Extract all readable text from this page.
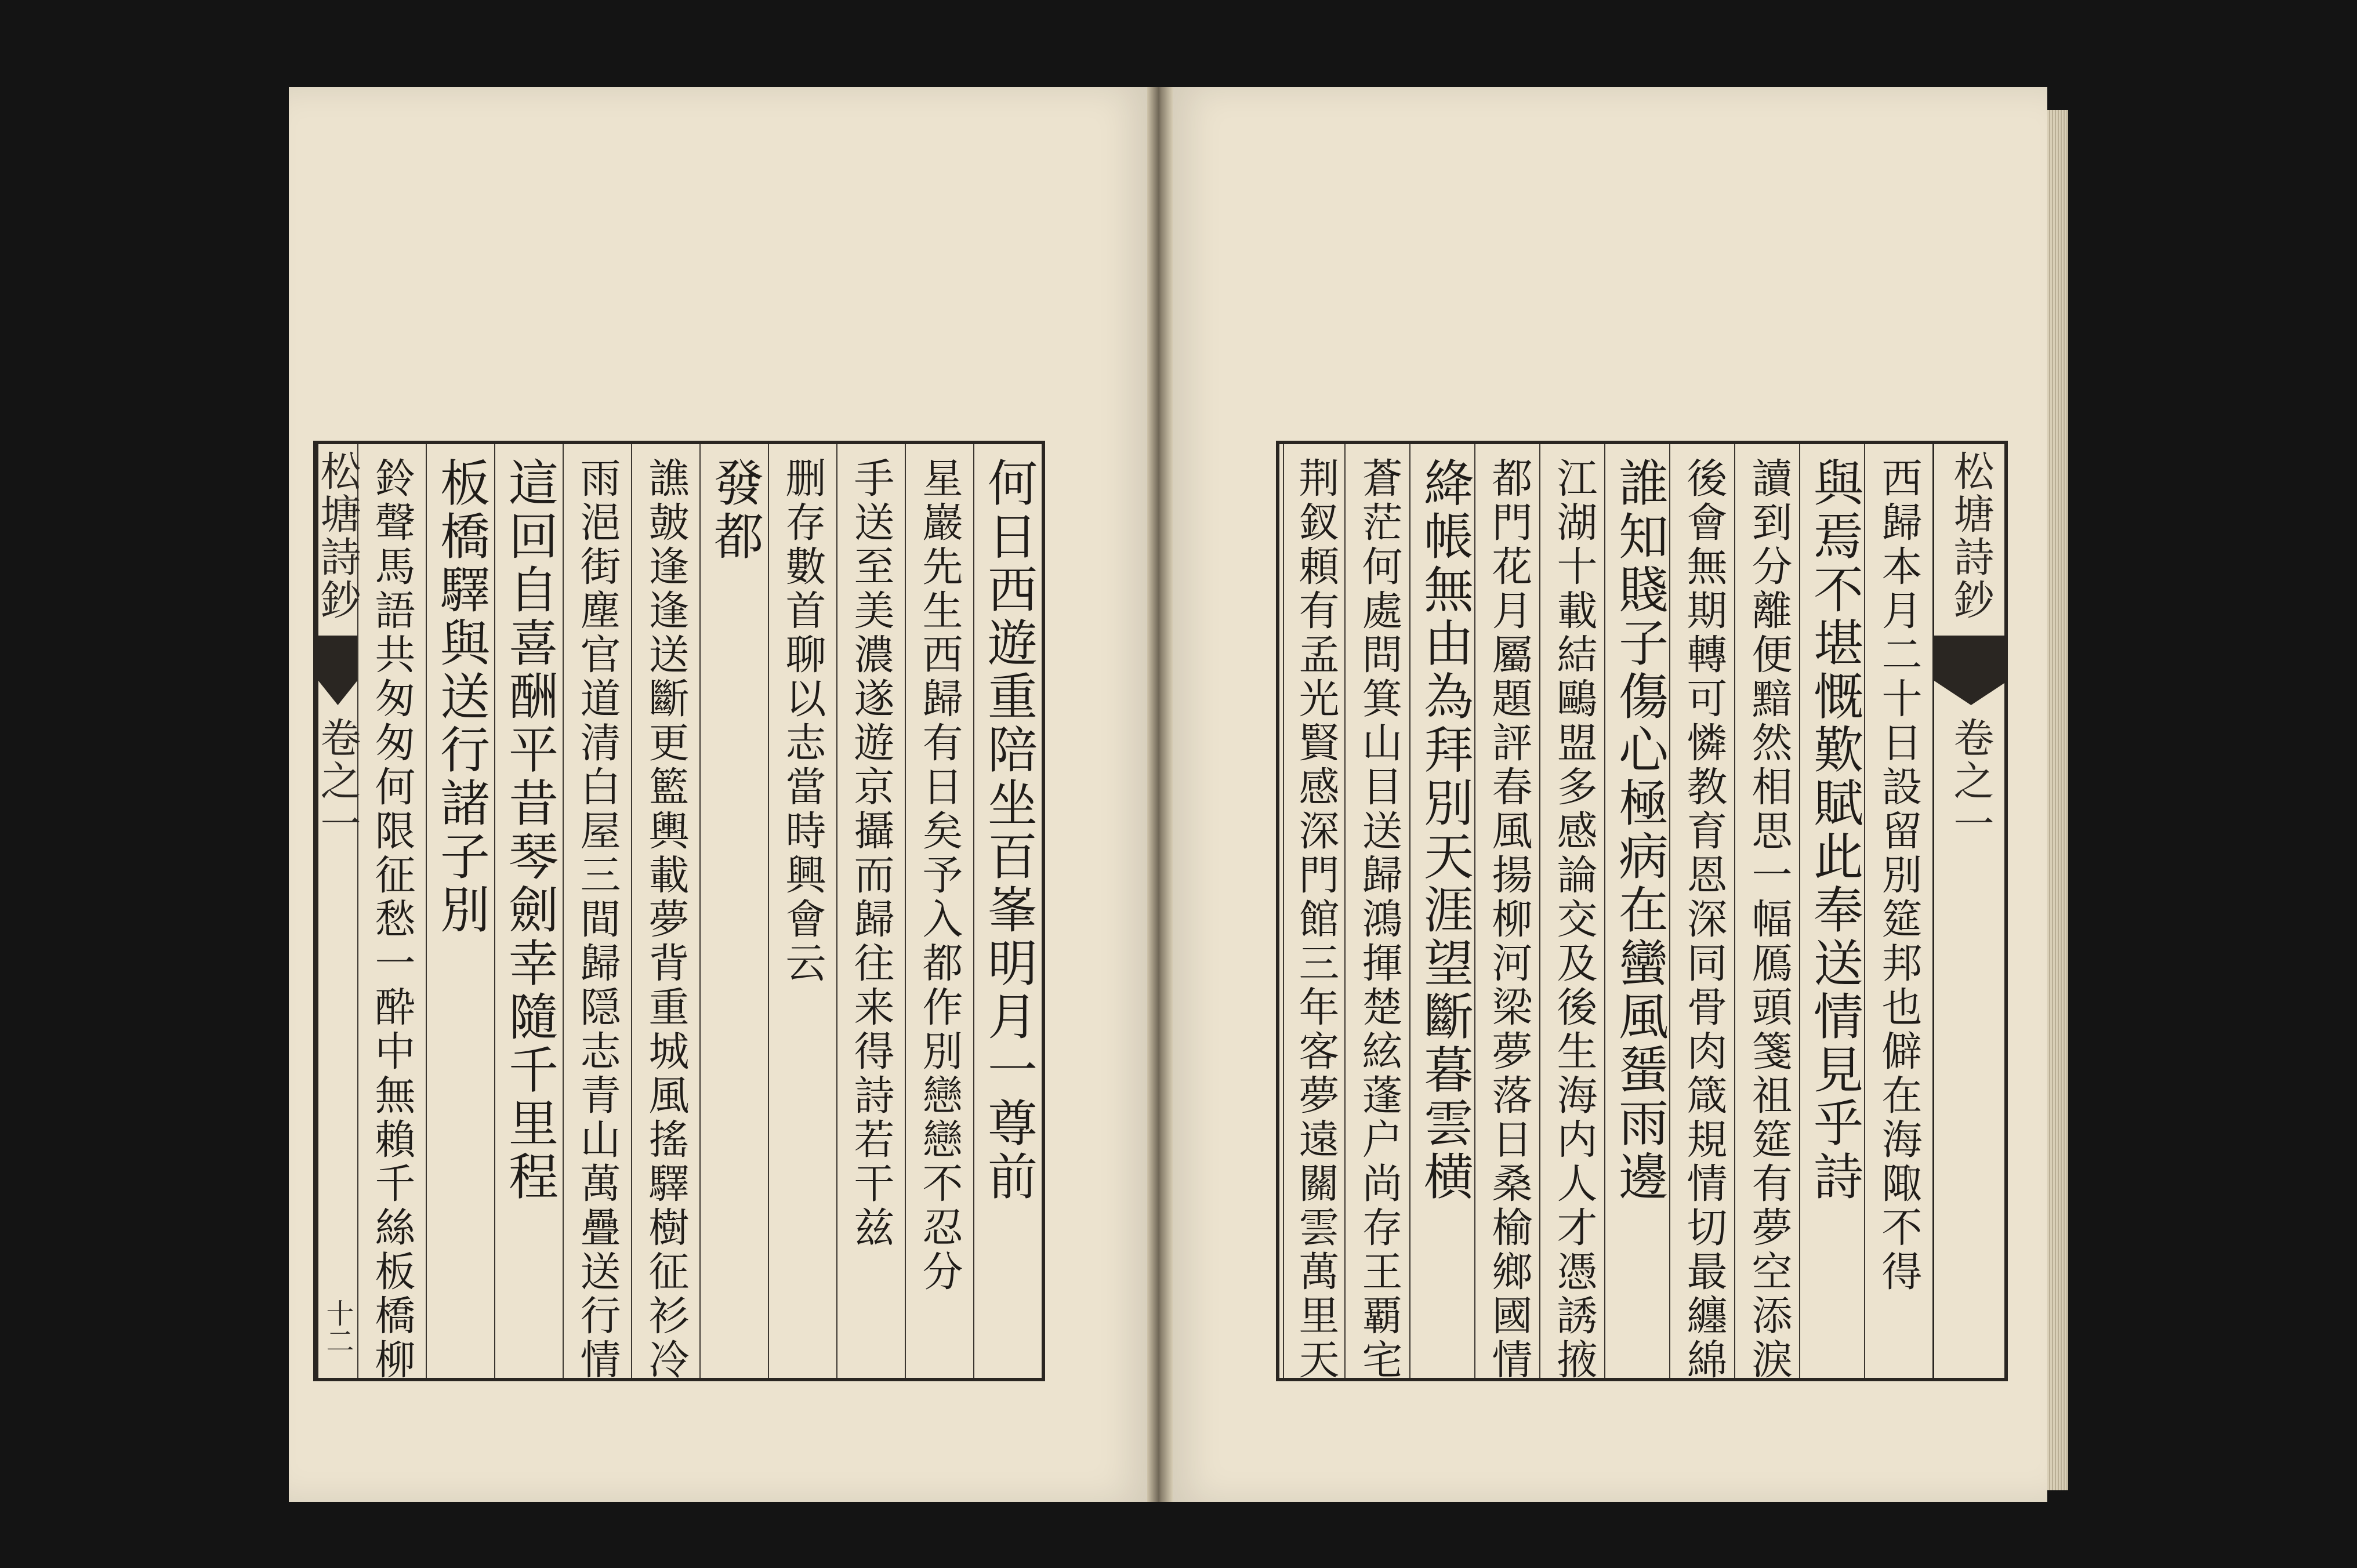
何日西遊重陪坐百峯明月一尊前
星巖先生西歸有日矣予入都作別戀戀不忍分
手送至美濃遂遊京攝而歸往来得詩若干兹
删存數首聊以志當時興會云
發都
譙皷逢逢送斷更籃輿載夢背重城風搖驛樹征衫冷
雨浥街塵官道清白屋三間歸隠志青山萬疊送行情
這回自喜酬平昔琴劍幸隨千里程
板橋驛與送行諸子別
鈴聲馬語共匆匆何限征愁一酔中無賴千絲板橋柳
松塘詩鈔
卷之一
十二
松塘詩鈔
卷之一
西歸本月二十日設留別筵邦也僻在海陬不得
與焉不堪慨歎賦此奉送情見乎詩
讀到分離便黯然相思一幅鴈頭箋祖筵有夢空添淚
後會無期轉可憐教育恩深同骨肉箴規情切最纏綿
誰知賤子傷心極病在蠻風蜑雨邊
江湖十載結鷗盟多感論交及後生海内人才憑誘掖
都門花月屬題評春風揚柳河梁夢落日桑榆鄉國情
絳帳無由為拜別天涯望斷暮雲横
蒼茫何處問箕山目送歸鴻揮楚絃蓬户尚存王覇宅
荆釵頼有孟光賢感深門館三年客夢遠關雲萬里天
